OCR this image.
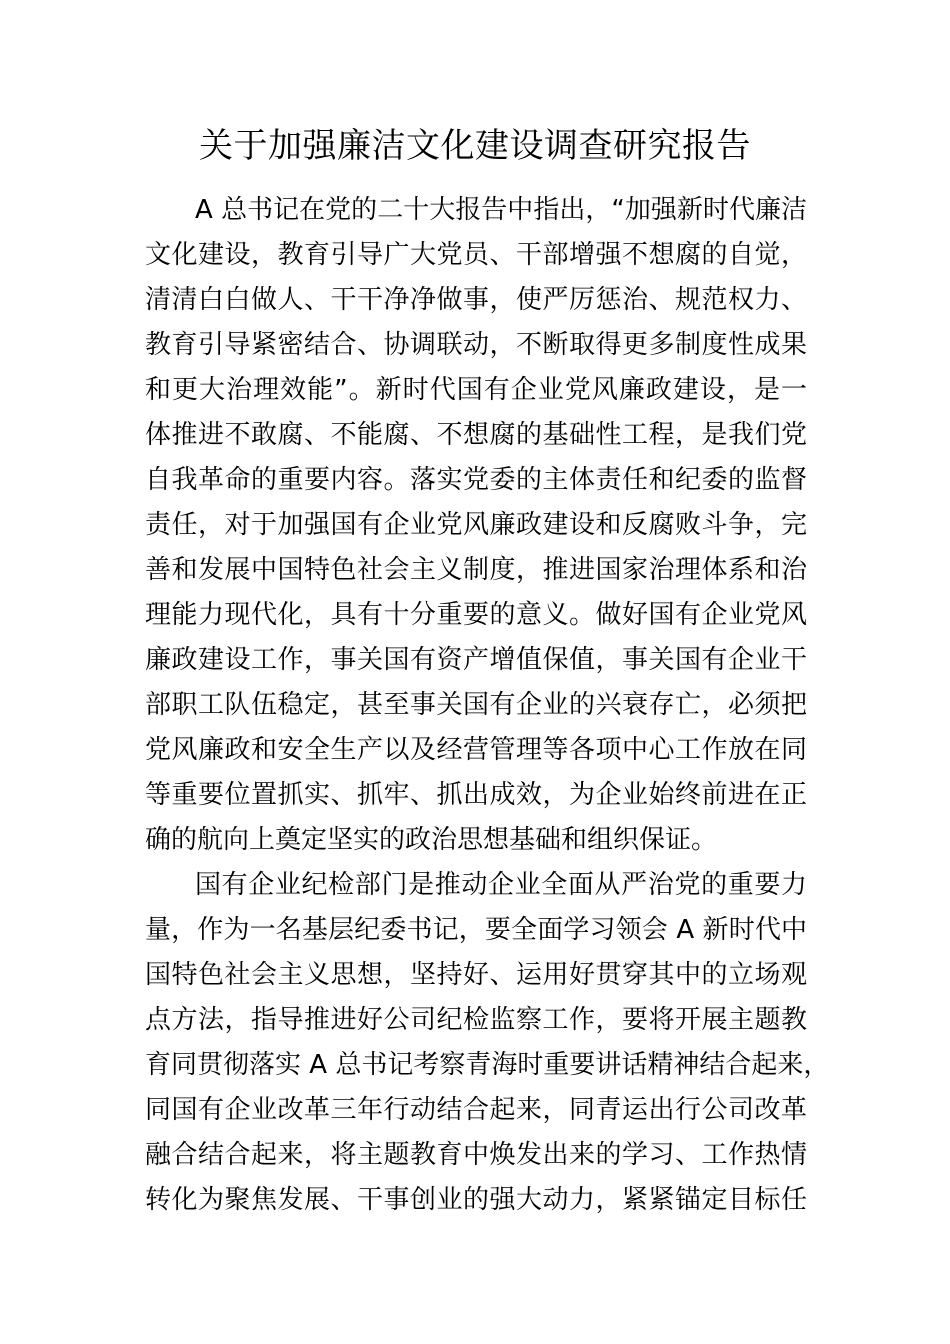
关于加强廉洁文化建设调查研究报告

A 总书记在党的二十大报告中指出，“加强新时代廉洁
文化建设，教育引导广大党员、干部增强不想腐的自觉，
清清白白做人、干干净净做事，使严厉惩治、规范权力、
教育引导紧密结合、协调联动，不断取得更多制度性成果
和更大治理效能”。新时代国有企业党风廉政建设，是一
体推进不敢腐、不能腐、不想腐的基础性工程，是我们党
自我革命的重要内容。落实党委的主体责任和纪委的监督
责任，对于加强国有企业党风廉政建设和反腐败斗争，完
善和发展中国特色社会主义制度，推进国家治理体系和治
理能力现代化，具有十分重要的意义。做好国有企业党风
廉政建设工作，事关国有资产增值保值，事关国有企业干
部职工队伍稳定，甚至事关国有企业的兴衰存亡，必须把
党风廉政和安全生产以及经营管理等各项中心工作放在同
等重要位置抓实、抓牢、抓出成效，为企业始终前进在正
确的航向上奠定坚实的政治思想基础和组织保证。

国有企业纪检部门是推动企业全面从严治党的重要力
量，作为一名基层纪委书记，要全面学习领会 A 新时代中
国特色社会主义思想，坚持好、运用好贯穿其中的立场观
点方法，指导推进好公司纪检监察工作，要将开展主题教
育同贯彻落实 A 总书记考察青海时重要讲话精神结合起来，
同国有企业改革三年行动结合起来，同青运出行公司改革
融合结合起来，将主题教育中焕发出来的学习、工作热情
转化为聚焦发展、干事创业的强大动力，紧紧锚定目标任
